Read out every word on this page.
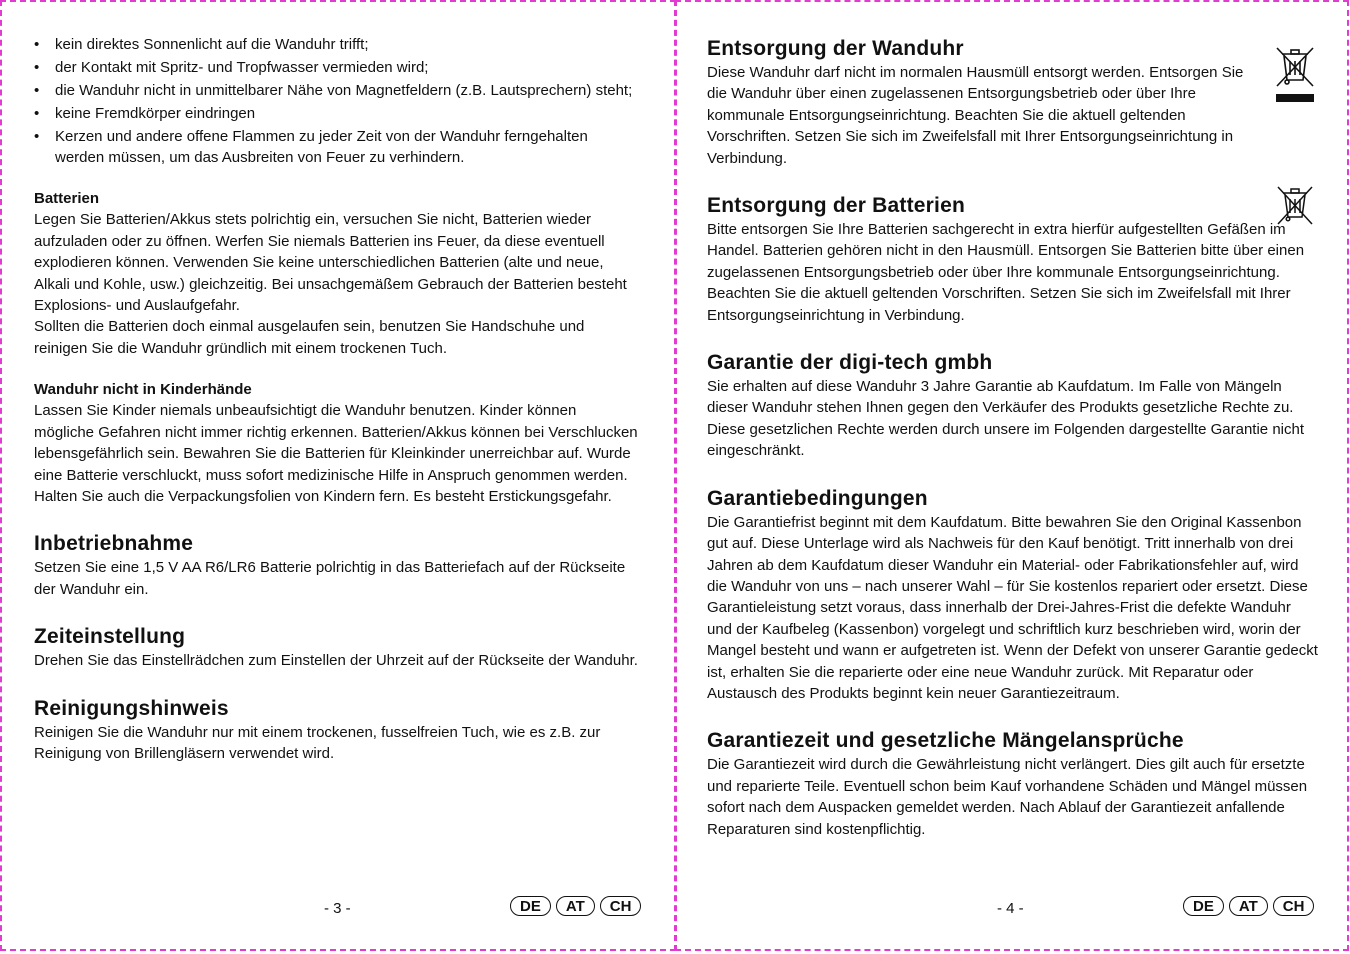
• kein direktes Sonnenlicht auf die Wanduhr trifft;
• der Kontakt mit Spritz- und Tropfwasser vermieden wird;
• die Wanduhr nicht in unmittelbarer Nähe von Magnetfeldern (z.B. Lautsprechern) steht;
• keine Fremdkörper eindringen
• Kerzen und andere offene Flammen zu jeder Zeit von der Wanduhr ferngehalten werden müssen, um das Ausbreiten von Feuer zu verhindern.
Batterien

Legen Sie Batterien/Akkus stets polrichtig ein, versuchen Sie nicht, Batterien wieder aufzuladen oder zu öffnen. Werfen Sie niemals Batterien ins Feuer, da diese eventuell explodieren können. Verwenden Sie keine unterschiedlichen Batterien (alte und neue, Alkali und Kohle, usw.) gleichzeitig. Bei unsachgemäßem Gebrauch der Batterien besteht Explosions- und Auslaufgefahr.

Sollten die Batterien doch einmal ausgelaufen sein, benutzen Sie Handschuhe und reinigen Sie die Wanduhr gründlich mit einem trockenen Tuch.

Wanduhr nicht in Kinderhände

Lassen Sie Kinder niemals unbeaufsichtigt die Wanduhr benutzen. Kinder können mögliche Gefahren nicht immer richtig erkennen. Batterien/Akkus können bei Verschlucken lebensgefährlich sein. Bewahren Sie die Batterien für Kleinkinder unerreichbar auf. Wurde eine Batterie verschluckt, muss sofort medizinische Hilfe in Anspruch genommen werden.

Halten Sie auch die Verpackungsfolien von Kindern fern. Es besteht Erstickungsgefahr.

Inbetriebnahme

Setzen Sie eine 1,5 V AA R6/LR6 Batterie polrichtig in das Batteriefach auf der Rückseite der Wanduhr ein.

Zeiteinstellung

Drehen Sie das Einstellrädchen zum Einstellen der Uhrzeit auf der Rückseite der Wanduhr.

Reinigungshinweis

Reinigen Sie die Wanduhr nur mit einem trockenen, fusselfreien Tuch, wie es z.B. zur Reinigung von Brillengläsern verwendet wird.

- 3 -	DE	AT	CH
Entsorgung der Wanduhr

Diese Wanduhr darf nicht im normalen Hausmüll entsorgt werden. Entsorgen Sie die Wanduhr über einen zugelassenen Entsorgungsbetrieb oder über Ihre kommunale Entsorgungseinrichtung. Beachten Sie die aktuell geltenden Vorschriften. Setzen Sie sich im Zweifelsfall mit Ihrer Entsorgungseinrichtung in Verbindung.

Entsorgung der Batterien

Bitte entsorgen Sie Ihre Batterien sachgerecht in extra hierfür aufgestellten Gefäßen im Handel. Batterien gehören nicht in den Hausmüll. Entsorgen Sie Batterien bitte über einen zugelassenen Entsorgungsbetrieb oder über Ihre kommunale Entsorgungseinrichtung. Beachten Sie die aktuell geltenden Vorschriften. Setzen Sie sich im Zweifelsfall mit Ihrer Entsorgungseinrichtung in Verbindung.

Garantie der digi-tech gmbh

Sie erhalten auf diese Wanduhr 3 Jahre Garantie ab Kaufdatum. Im Falle von Mängeln dieser Wanduhr stehen Ihnen gegen den Verkäufer des Produkts gesetzliche Rechte zu. Diese gesetzlichen Rechte werden durch unsere im Folgenden dargestellte Garantie nicht eingeschränkt.

Garantiebedingungen

Die Garantiefrist beginnt mit dem Kaufdatum. Bitte bewahren Sie den Original Kassenbon gut auf. Diese Unterlage wird als Nachweis für den Kauf benötigt. Tritt innerhalb von drei Jahren ab dem Kaufdatum dieser Wanduhr ein Material- oder Fabrikationsfehler auf, wird die Wanduhr von uns – nach unserer Wahl – für Sie kostenlos repariert oder ersetzt. Diese Garantieleistung setzt voraus, dass innerhalb der Drei-Jahres-Frist die defekte Wanduhr und der Kaufbeleg (Kassenbon) vorgelegt und schriftlich kurz beschrieben wird, worin der Mangel besteht und wann er aufgetreten ist. Wenn der Defekt von unserer Garantie gedeckt ist, erhalten Sie die reparierte oder eine neue Wanduhr zurück. Mit Reparatur oder Austausch des Produkts beginnt kein neuer Garantiezeitraum.

Garantiezeit und gesetzliche Mängelansprüche

Die Garantiezeit wird durch die Gewährleistung nicht verlängert. Dies gilt auch für ersetzte und reparierte Teile. Eventuell schon beim Kauf vorhandene Schäden und Mängel müssen sofort nach dem Auspacken gemeldet werden. Nach Ablauf der Garantiezeit anfallende Reparaturen sind kostenpflichtig.

- 4 -	DE	AT	CH
